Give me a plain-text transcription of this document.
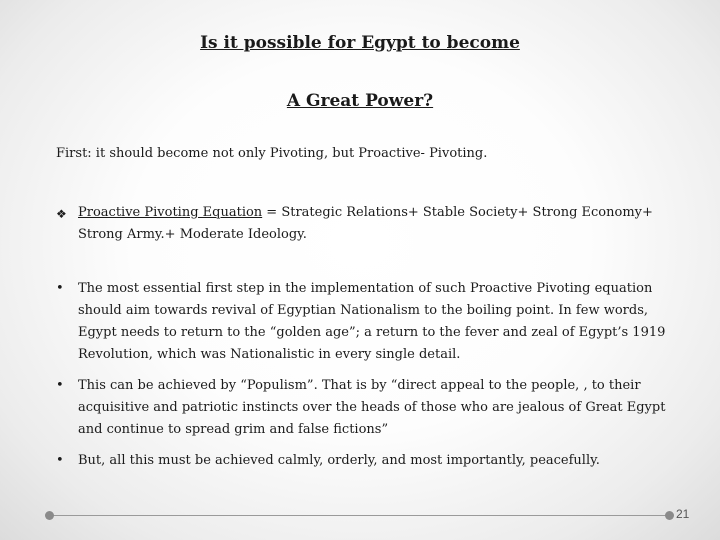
Is it possible for Egypt to become
A Great Power?
First: it should become not only Pivoting, but Proactive- Pivoting.
❖ Proactive Pivoting Equation = Strategic Relations+ Stable Society+ Strong Economy+ Strong Army.+ Moderate Ideology.
•	The most essential first step in the implementation of such Proactive Pivoting equation should aim towards revival of Egyptian Nationalism to the boiling point. In few words, Egypt needs to return to the “golden age”; a return to the fever and zeal of Egypt’s 1919 Revolution, which was Nationalistic in every single detail.
•	This can be achieved by “Populism”. That is by “direct appeal to the people, , to their acquisitive and patriotic instincts over the heads of those who are jealous of Great Egypt and continue to spread grim and false fictions”
•	But, all this must be achieved calmly, orderly, and most importantly, peacefully.
21
